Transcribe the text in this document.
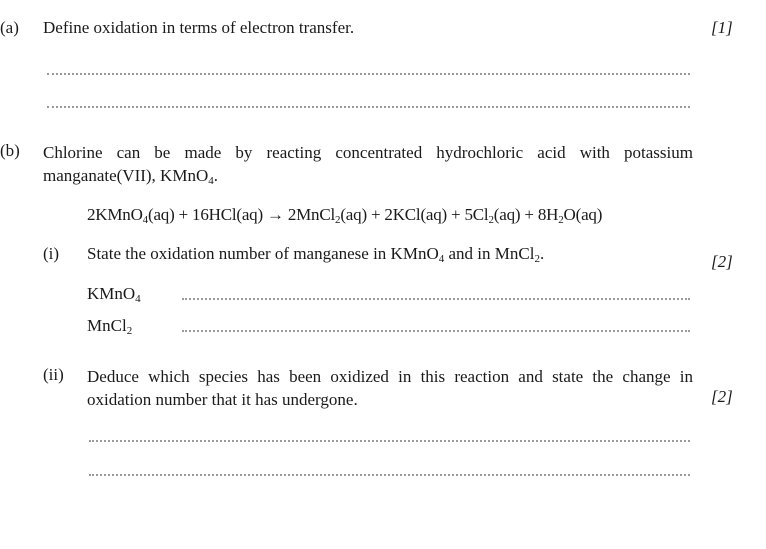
(a) Define oxidation in terms of electron transfer.	[1]
(b) Chlorine can be made by reacting concentrated hydrochloric acid with potassium
manganate(VII), KMnO$_4$.
2KMnO$_4$(aq) + 16HCl(aq) → 2MnCl$_2$(aq) + $2KCl(aq) + 5Cl_2(aq) + 8H_2O(aq)$
(i) State the oxidation number of manganese in KMnO$_4$ and in MnCl$_2$.	[2]
KMnO$_4$
MnCl$_2$
(ii) Deduce which species has been oxidized in this reaction and state the change in
oxidation number that it has undergone.	[2]
